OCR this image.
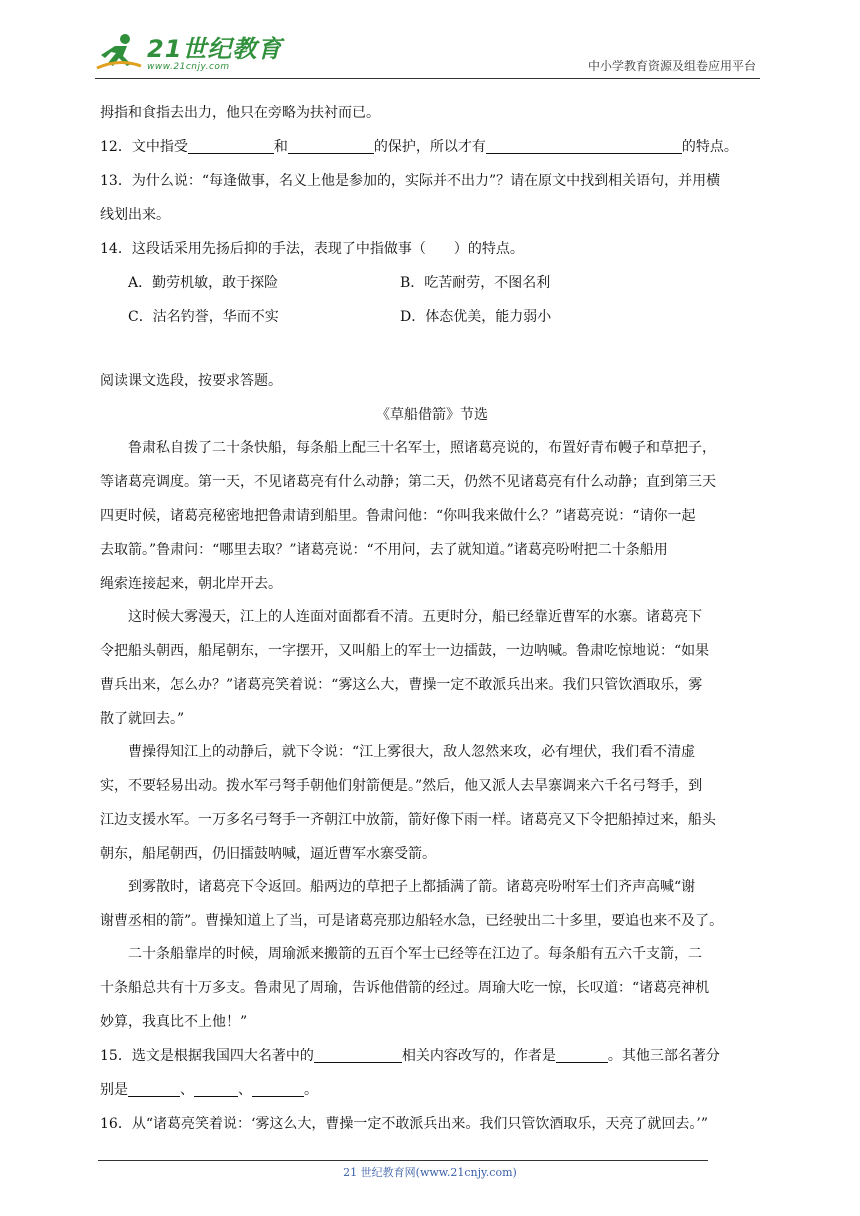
21世纪教育
www.21cnjy.com	中小学教育资源及组卷应用平台
拇指和食指去出力，他只在旁略为扶衬而已。
12．文中指受	和	的保护，所以才有	的特点。
13．为什么说：“每逢做事，名义上他是参加的，实际并不出力”？请在原文中找到相关语句，并用横
线划出来。
14．这段话采用先扬后抑的手法，表现了中指做事（　　）的特点。
A．勤劳机敏，敢于探险	B．吃苦耐劳，不图名利
C．沽名钓誉，华而不实	D．体态优美，能力弱小
阅读课文选段，按要求答题。
《草船借箭》节选
鲁肃私自拨了二十条快船，每条船上配三十名军士，照诸葛亮说的，布置好青布幔子和草把子，
等诸葛亮调度。第一天，不见诸葛亮有什么动静；第二天，仍然不见诸葛亮有什么动静；直到第三天
四更时候，诸葛亮秘密地把鲁肃请到船里。鲁肃问他：“你叫我来做什么？”诸葛亮说：“请你一起
去取箭。”鲁肃问：“哪里去取？”诸葛亮说：“不用问，去了就知道。”诸葛亮吩咐把二十条船用
绳索连接起来，朝北岸开去。
这时候大雾漫天，江上的人连面对面都看不清。五更时分，船已经靠近曹军的水寨。诸葛亮下
令把船头朝西，船尾朝东，一字摆开，又叫船上的军士一边擂鼓，一边呐喊。鲁肃吃惊地说：“如果
曹兵出来，怎么办？”诸葛亮笑着说：“雾这么大，曹操一定不敢派兵出来。我们只管饮酒取乐，雾
散了就回去。”
曹操得知江上的动静后，就下令说：“江上雾很大，敌人忽然来攻，必有埋伏，我们看不清虚
实，不要轻易出动。拨水军弓弩手朝他们射箭便是。”然后，他又派人去旱寨调来六千名弓弩手，到
江边支援水军。一万多名弓弩手一齐朝江中放箭，箭好像下雨一样。诸葛亮又下令把船掉过来，船头
朝东，船尾朝西，仍旧擂鼓呐喊，逼近曹军水寨受箭。
到雾散时，诸葛亮下令返回。船两边的草把子上都插满了箭。诸葛亮吩咐军士们齐声高喊“谢
谢曹丞相的箭”。曹操知道上了当，可是诸葛亮那边船轻水急，已经驶出二十多里，要追也来不及了。
二十条船靠岸的时候，周瑜派来搬箭的五百个军士已经等在江边了。每条船有五六千支箭，二
十条船总共有十万多支。鲁肃见了周瑜，告诉他借箭的经过。周瑜大吃一惊，长叹道：“诸葛亮神机
妙算，我真比不上他！”
15．选文是根据我国四大名著中的	相关内容改写的，作者是	。其他三部名著分
别是	、	、	。
16．从“诸葛亮笑着说：‘雾这么大，曹操一定不敢派兵出来。我们只管饮酒取乐，天亮了就回去。’”
21 世纪教育网(www.21cnjy.com)
